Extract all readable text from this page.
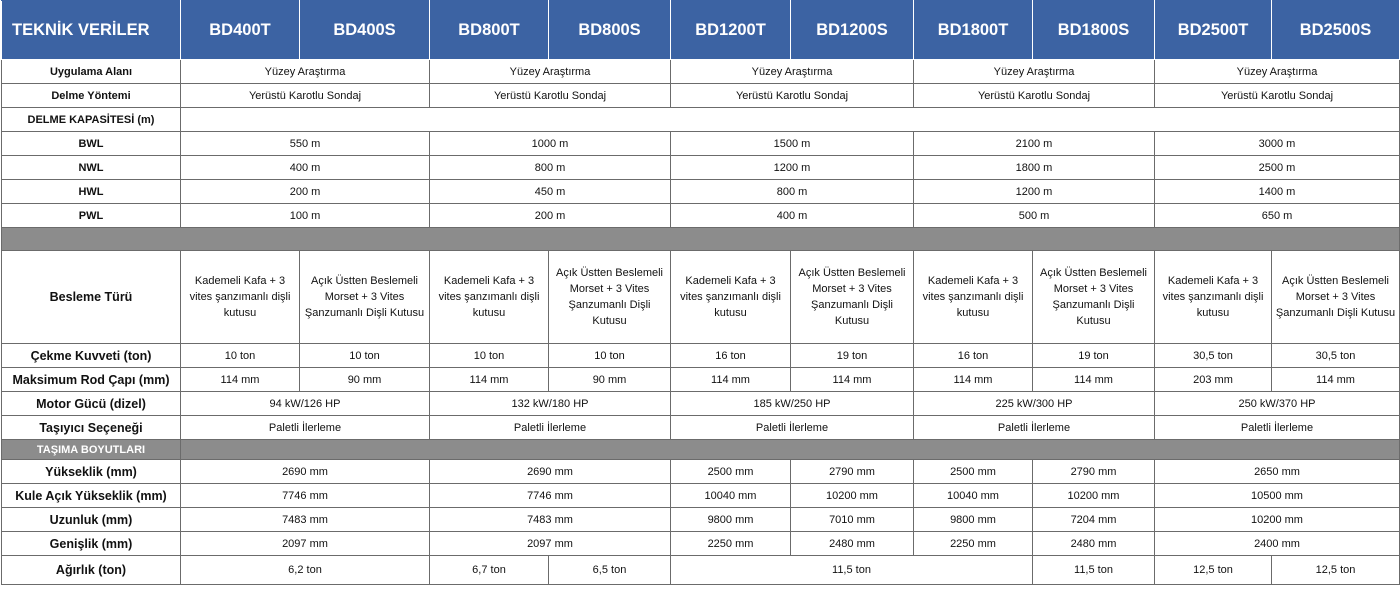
TEKNİK VERİLER	BD400T	BD400S	BD800T	BD800S	BD1200T	BD1200S	BD1800T	BD1800S	BD2500T	BD2500S	
Uygulama Alanı	Yüzey Araştırma		Yüzey Araştırma		Yüzey Araştırma		Yüzey Araştırma		Yüzey Araştırma		
Delme Yöntemi	Yerüstü Karotlu Sondaj		Yerüstü Karotlu Sondaj		Yerüstü Karotlu Sondaj		Yerüstü Karotlu Sondaj		Yerüstü Karotlu Sondaj		
DELME KAPASİTESİ (m)											
BWL	550 m		1000 m		1500 m		2100 m		3000 m		
NWL	400 m		800 m		1200 m		1800 m		2500 m		
HWL	200 m		450 m		800 m		1200 m		1400 m		
PWL	100 m		200 m		400 m		500 m		650 m		

Besleme Türü	Kademeli Kafa + 3 vites şanzımanlı dişli kutusu	Açık Üstten Beslemeli Morset + 3 Vites Şanzumanlı Dişli Kutusu	Kademeli Kafa + 3 vites şanzımanlı dişli kutusu	Açık Üstten Beslemeli Morset + 3 Vites Şanzumanlı Dişli Kutusu	Kademeli Kafa + 3 vites şanzımanlı dişli kutusu	Açık Üstten Beslemeli Morset + 3 Vites Şanzumanlı Dişli Kutusu	Kademeli Kafa + 3 vites şanzımanlı dişli kutusu	Açık Üstten Beslemeli Morset + 3 Vites Şanzumanlı Dişli Kutusu	Kademeli Kafa + 3 vites şanzımanlı dişli kutusu	Açık Üstten Beslemeli Morset + 3 Vites Şanzumanlı Dişli Kutusu	
Çekme Kuvveti (ton)	10 ton	10 ton	10 ton	10 ton	16 ton	19 ton	16 ton	19 ton	30,5 ton	30,5 ton	
Maksimum Rod Çapı (mm)	114 mm	90 mm	114 mm	90 mm	114 mm	114 mm	114 mm	114 mm	203 mm	114 mm	
Motor Gücü (dizel)	94 kW/126 HP		132 kW/180 HP		185 kW/250 HP		225 kW/300 HP		250 kW/370 HP		
Taşıyıcı Seçeneği	Paletli İlerleme		Paletli İlerleme		Paletli İlerleme		Paletli İlerleme		Paletli İlerleme		
TAŞIMA BOYUTLARI											
Yükseklik (mm)	2690 mm		2690 mm		2500 mm	2790 mm	2500 mm	2790 mm	2650 mm		
Kule Açık Yükseklik (mm)	7746 mm		7746 mm		10040 mm	10200 mm	10040 mm	10200 mm	10500 mm		
Uzunluk (mm)	7483 mm		7483 mm		9800 mm	7010 mm	9800 mm	7204 mm	10200 mm		
Genişlik (mm)	2097 mm		2097 mm		2250 mm	2480 mm	2250 mm	2480 mm	2400 mm		
Ağırlık (ton)	6,2 ton		6,7 ton	6,5 ton	11,5 ton			11,5 ton	12,5 ton	12,5 ton	
